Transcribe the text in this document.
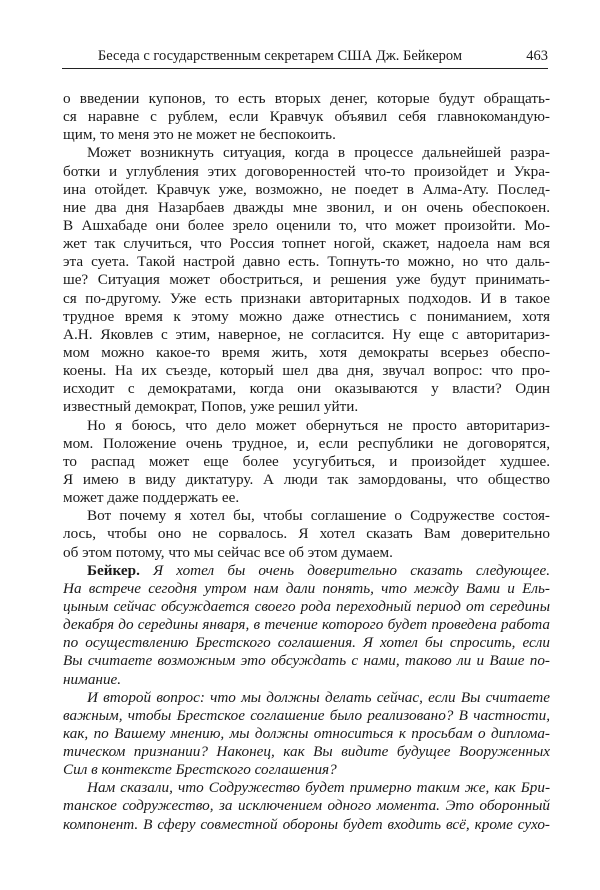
Беседа с государственным секретарем США Дж. Бейкером	463
о введении купонов, то есть вторых денег, которые будут обращать-
ся наравне с рублем, если Кравчук объявил себя главнокомандую-
щим, то меня это не может не беспокоить.
Может возникнуть ситуация, когда в процессе дальнейшей разра-
ботки и углубления этих договоренностей что-то произойдет и Укра-
ина отойдет. Кравчук уже, возможно, не поедет в Алма-Ату. Послед-
ние два дня Назарбаев дважды мне звонил, и он очень обеспокоен.
В Ашхабаде они более зрело оценили то, что может произойти. Мо-
жет так случиться, что Россия топнет ногой, скажет, надоела нам вся
эта суета. Такой настрой давно есть. Топнуть-то можно, но что даль-
ше? Ситуация может обостриться, и решения уже будут принимать-
ся по-другому. Уже есть признаки авторитарных подходов. И в такое
трудное время к этому можно даже отнестись с пониманием, хотя
А.Н. Яковлев с этим, наверное, не согласится. Ну еще с авторитариз-
мом можно какое-то время жить, хотя демократы всерьез обеспо-
коены. На их съезде, который шел два дня, звучал вопрос: что про-
исходит с демократами, когда они оказываются у власти? Один
известный демократ, Попов, уже решил уйти.
Но я боюсь, что дело может обернуться не просто авторитариз-
мом. Положение очень трудное, и, если республики не договорятся,
то распад может еще более усугубиться, и произойдет худшее.
Я имею в виду диктатуру. А люди так замордованы, что общество
может даже поддержать ее.
Вот почему я хотел бы, чтобы соглашение о Содружестве состоя-
лось, чтобы оно не сорвалось. Я хотел сказать Вам доверительно
об этом потому, что мы сейчас все об этом думаем.
Бейкер. Я хотел бы очень доверительно сказать следующее.
На встрече сегодня утром нам дали понять, что между Вами и Ель-
цыным сейчас обсуждается своего рода переходный период от середины
декабря до середины января, в течение которого будет проведена работа
по осуществлению Брестского соглашения. Я хотел бы спросить, если
Вы считаете возможным это обсуждать с нами, таково ли и Ваше по-
нимание.
И второй вопрос: что мы должны делать сейчас, если Вы считаете
важным, чтобы Брестское соглашение было реализовано? В частности,
как, по Вашему мнению, мы должны относиться к просьбам о диплома-
тическом признании? Наконец, как Вы видите будущее Вооруженных
Сил в контексте Брестского соглашения?
Нам сказали, что Содружество будет примерно таким же, как Бри-
танское содружество, за исключением одного момента. Это оборонный
компонент. В сферу совместной обороны будет входить всё, кроме сухо-
